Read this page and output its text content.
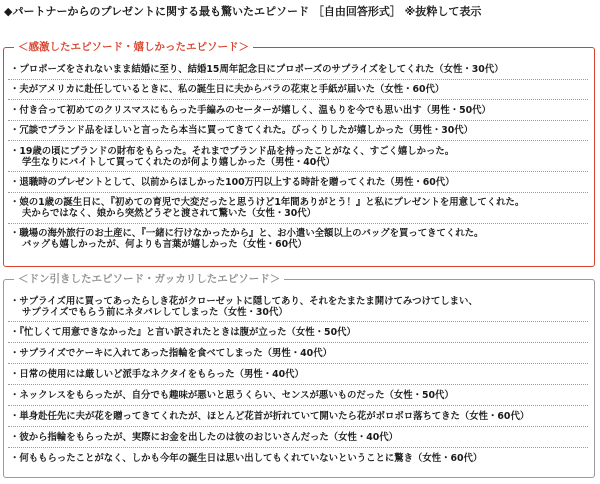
◆パートナーからのプレゼントに関する最も驚いたエピソード ［自由回答形式］ ※抜粋して表示
＜感激したエピソード・嬉しかったエピソード＞
・プロポーズをされないまま結婚に至り、結婚15周年記念日にプロポーズのサプライズをしてくれた（女性・30代）
・夫がアメリカに赴任しているときに、私の誕生日に夫からバラの花束と手紙が届いた（女性・60代）
・付き合って初めてのクリスマスにもらった手編みのセーターが嬉しく、温もりを今でも思い出す（男性・50代）
・冗談でブランド品をほしいと言ったら本当に買ってきてくれた。びっくりしたが嬉しかった（男性・30代）
・19歳の頃にブランドの財布をもらった。それまでブランド品を持ったことがなく、すごく嬉しかった。
学生なりにバイトして買ってくれたのが何より嬉しかった（男性・40代）
・退職時のプレゼントとして、以前からほしかった100万円以上する時計を贈ってくれた（男性・60代）
・娘の1歳の誕生日に、『初めての育児で大変だったと思うけど1年間ありがとう！』と私にプレゼントを用意してくれた。
夫からではなく、娘から突然どうぞと渡されて驚いた（女性・30代）
・職場の海外旅行のお土産に、『一緒に行けなかったから』と、お小遣い全額以上のバッグを買ってきてくれた。
バッグも嬉しかったが、何よりも言葉が嬉しかった（女性・60代）
＜ドン引きしたエピソード・ガッカリしたエピソード＞
・サプライズ用に買ってあったらしき花がクローゼットに隠してあり、それをたまたま開けてみつけてしまい、
サプライズでもらう前にネタバレしてしまった（女性・30代）
・『忙しくて用意できなかった』と言い訳されたときは腹が立った（女性・50代）
・サプライズでケーキに入れてあった指輪を食べてしまった（男性・40代）
・日常の使用には厳しいど派手なネクタイをもらった（男性・40代）
・ネックレスをもらったが、自分でも趣味が悪いと思うくらい、センスが悪いものだった（女性・50代）
・単身赴任先に夫が花を贈ってきてくれたが、ほとんど花首が折れていて開いたら花がボロボロ落ちてきた（女性・60代）
・彼から指輪をもらったが、実際にお金を出したのは彼のおじいさんだった（女性・40代）
・何ももらったことがなく、しかも今年の誕生日は思い出してもくれていないということに驚き（女性・60代）
